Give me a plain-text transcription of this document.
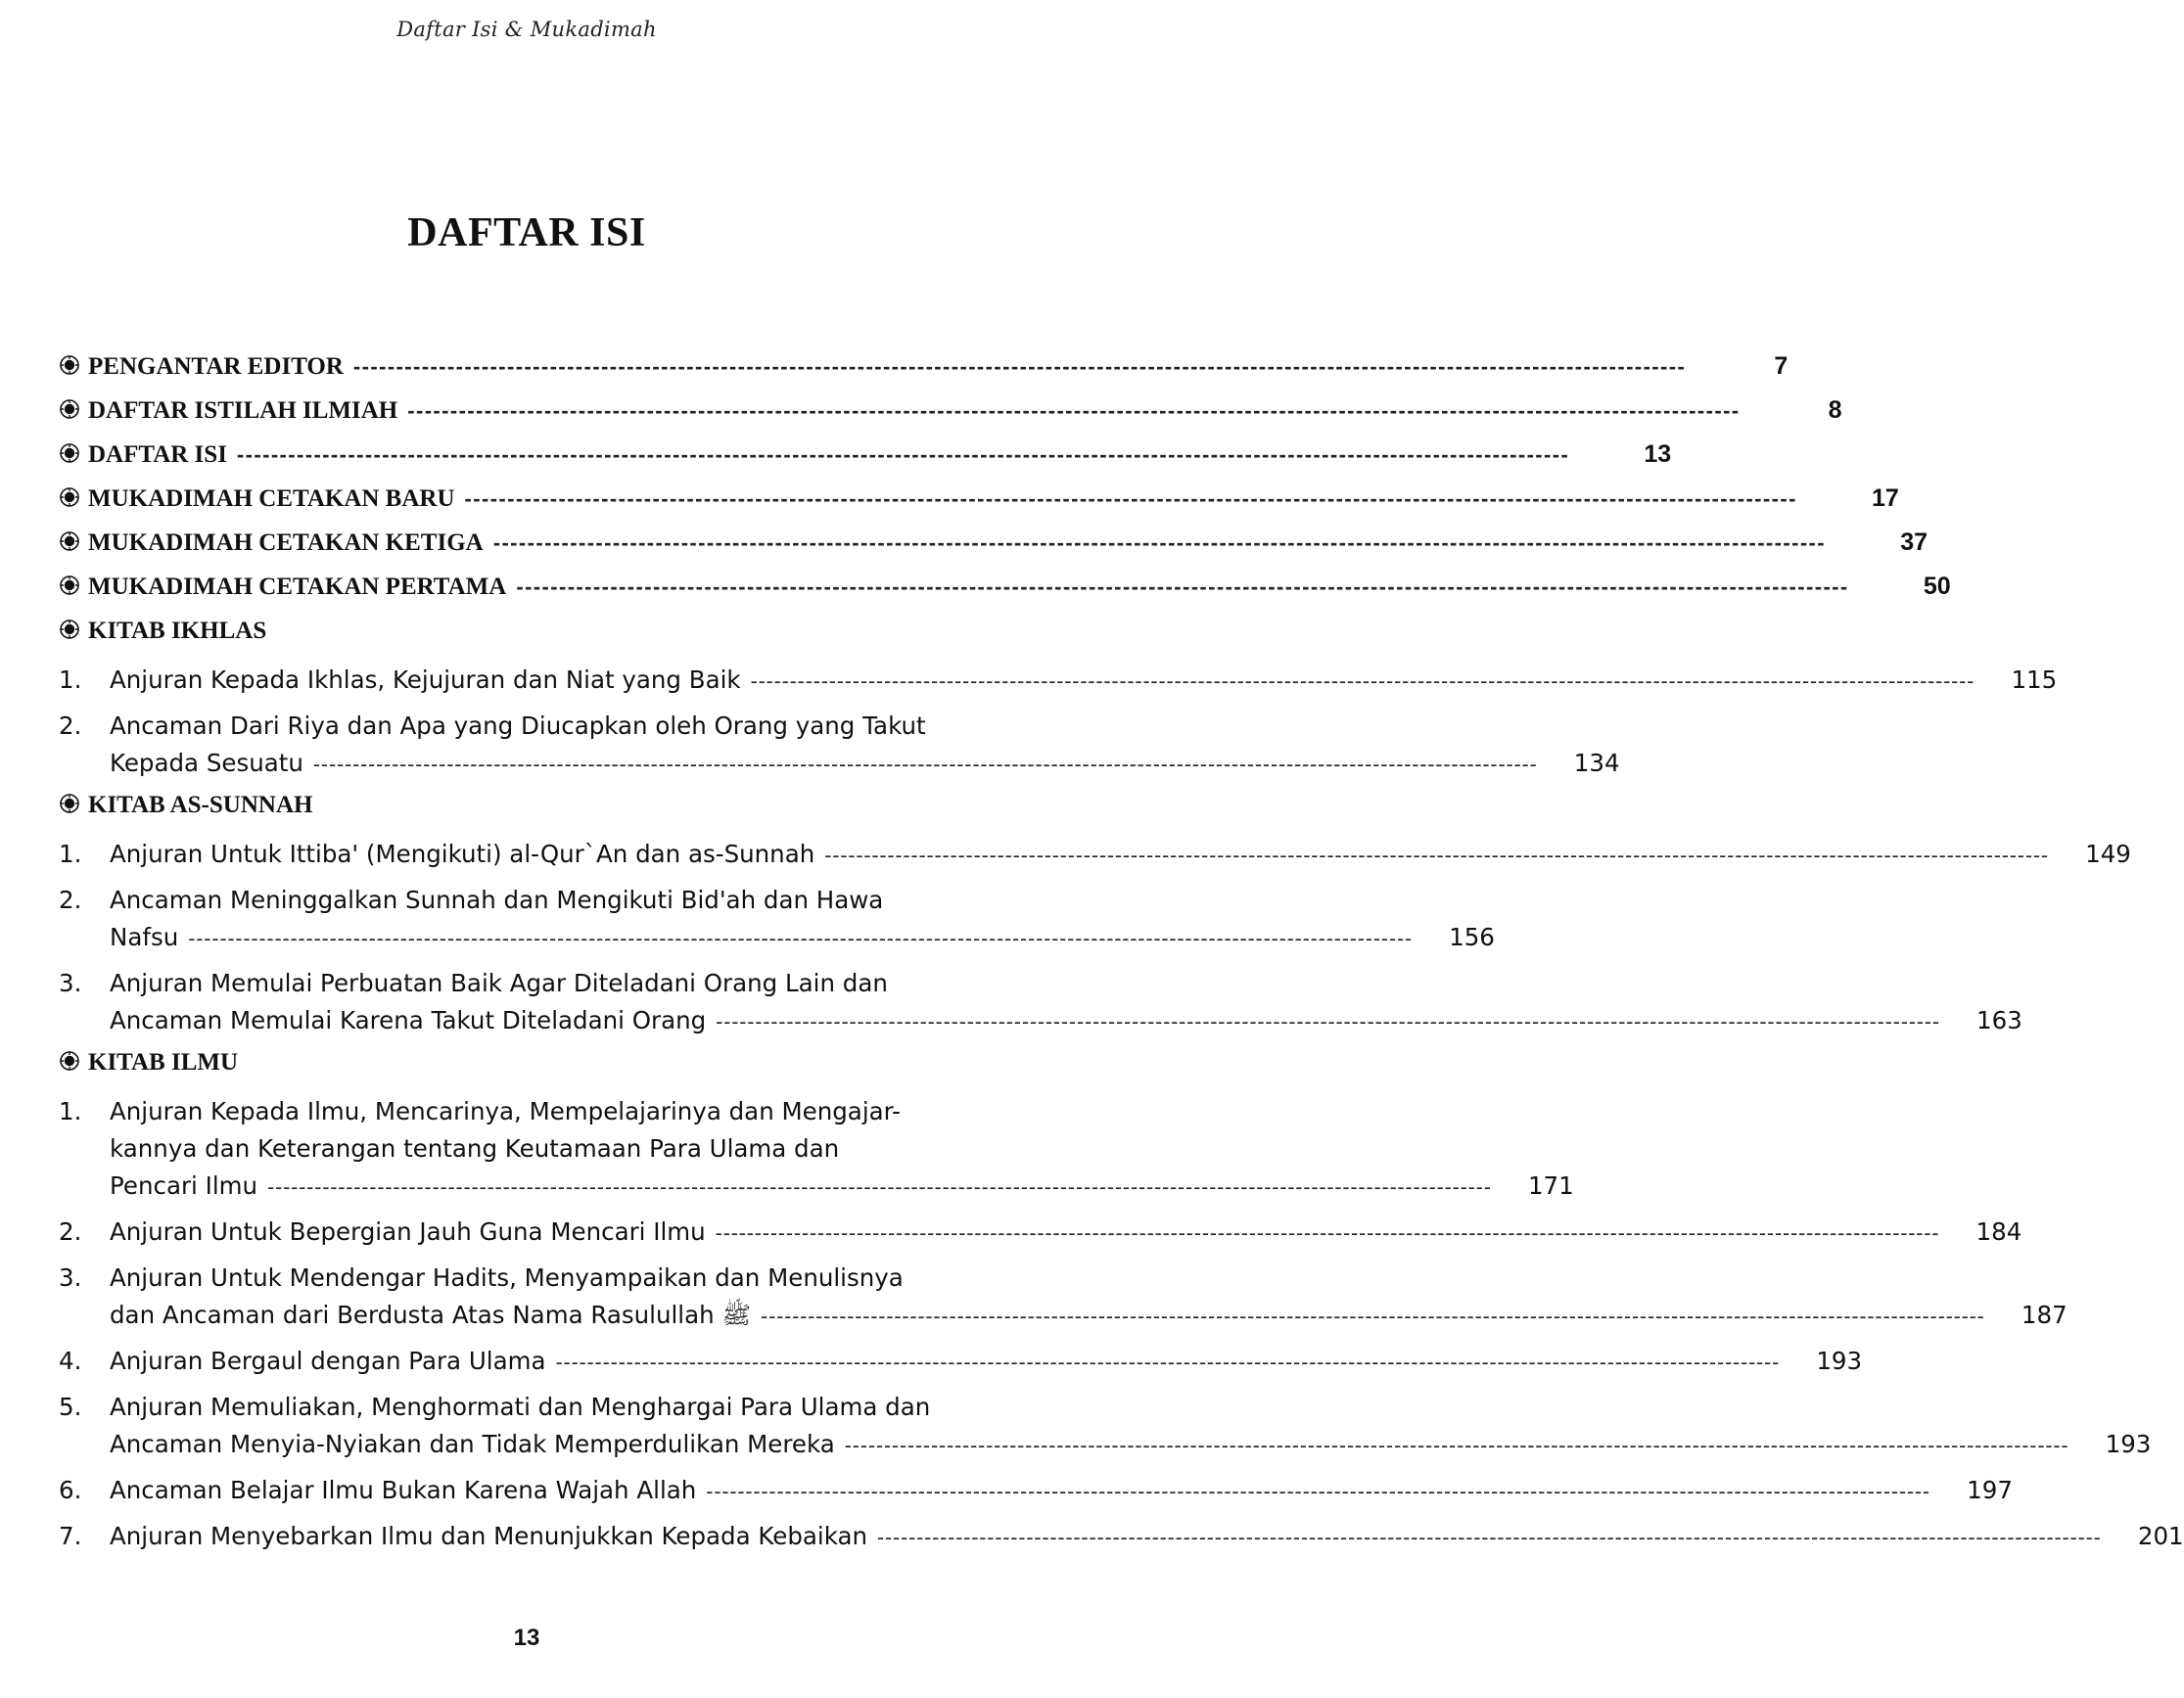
Daftar Isi & Mukadimah
DAFTAR ISI
PENGANTAR EDITOR -----	7
DAFTAR ISTILAH ILMIAH -----	8
DAFTAR ISI -----	13
MUKADIMAH CETAKAN BARU -----	17
MUKADIMAH CETAKAN KETIGA -----	37
MUKADIMAH CETAKAN PERTAMA -----	50
KITAB IKHLAS
1.	Anjuran Kepada Ikhlas, Kejujuran dan Niat yang Baik -----	115
2.	Ancaman Dari Riya dan Apa yang Diucapkan oleh Orang yang Takut
Kepada Sesuatu -----	134
KITAB AS-SUNNAH
1.	Anjuran Untuk Ittiba' (Mengikuti) al-Qur`An dan as-Sunnah -----	149
2.	Ancaman Meninggalkan Sunnah dan Mengikuti Bid'ah dan Hawa
Nafsu -----	156
3.	Anjuran Memulai Perbuatan Baik Agar Diteladani Orang Lain dan
Ancaman Memulai Karena Takut Diteladani Orang -----	163
KITAB ILMU
1.	Anjuran Kepada Ilmu, Mencarinya, Mempelajarinya dan Mengajar-
kannya dan Keterangan tentang Keutamaan Para Ulama dan
Pencari Ilmu -----	171
2.	Anjuran Untuk Bepergian Jauh Guna Mencari Ilmu -----	184
3.	Anjuran Untuk Mendengar Hadits, Menyampaikan dan Menulisnya
dan Ancaman dari Berdusta Atas Nama Rasulullah ﷺ -----	187
4.	Anjuran Bergaul dengan Para Ulama -----	193
5.	Anjuran Memuliakan, Menghormati dan Menghargai Para Ulama dan
Ancaman Menyia-Nyiakan dan Tidak Memperdulikan Mereka -----	193
6.	Ancaman Belajar Ilmu Bukan Karena Wajah Allah -----	197
7.	Anjuran Menyebarkan Ilmu dan Menunjukkan Kepada Kebaikan -----	201
13
